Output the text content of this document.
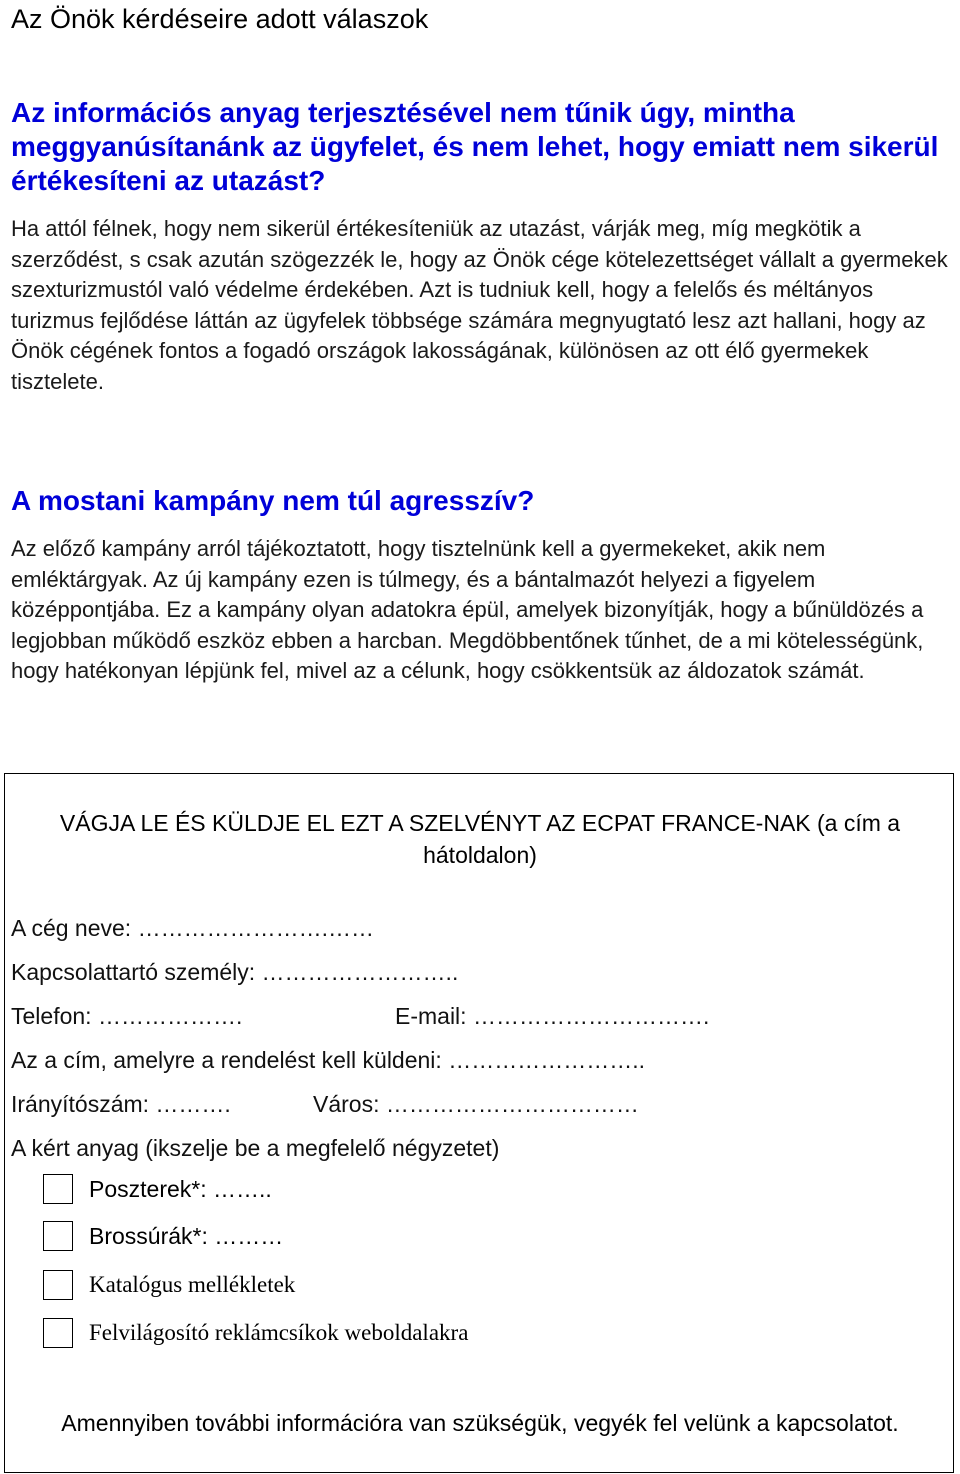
Az Önök kérdéseire adott válaszok
Az információs anyag terjesztésével nem tűnik úgy, mintha meggyanúsítanánk az ügyfelet, és nem lehet, hogy emiatt nem sikerül értékesíteni az utazást?

Ha attól félnek, hogy nem sikerül értékesíteniük az utazást, várják meg, míg megkötik a szerződést, s csak azután szögezzék le, hogy az Önök cége kötelezettséget vállalt a gyermekek szexturizmustól való védelme érdekében. Azt is tudniuk kell, hogy a felelős és méltányos turizmus fejlődése láttán az ügyfelek többsége számára megnyugtató lesz azt hallani, hogy az Önök cégének fontos a fogadó országok lakosságának, különösen az ott élő gyermekek tisztelete.

A mostani kampány nem túl agresszív?

Az előző kampány arról tájékoztatott, hogy tisztelnünk kell a gyermekeket, akik nem emléktárgyak. Az új kampány ezen is túlmegy, és a bántalmazót helyezi a figyelem középpontjába. Ez a kampány olyan adatokra épül, amelyek bizonyítják, hogy a bűnüldözés a legjobban működő eszköz ebben a harcban. Megdöbbentőnek tűnhet, de a mi kötelességünk, hogy hatékonyan lépjünk fel, mivel az a célunk, hogy csökkentsük az áldozatok számát.

VÁGJA LE ÉS KÜLDJE EL EZT A SZELVÉNYT AZ ECPAT FRANCE-NAK (a cím a hátoldalon)

A cég neve: …………………….……
Kapcsolattartó személy: ……………………..
Telefon: ……………….	E-mail: ………………………….
Az a cím, amelyre a rendelést kell küldeni: ……………………..
Irányítószám: ……….	Város: ……………………………
A kért anyag (ikszelje be a megfelelő négyzetet)
Poszterek*: ……..
Brossúrák*: ………
Katalógus mellékletek
Felvilágosító reklámcsíkok weboldalakra

Amennyiben további információra van szükségük, vegyék fel velünk a kapcsolatot.
